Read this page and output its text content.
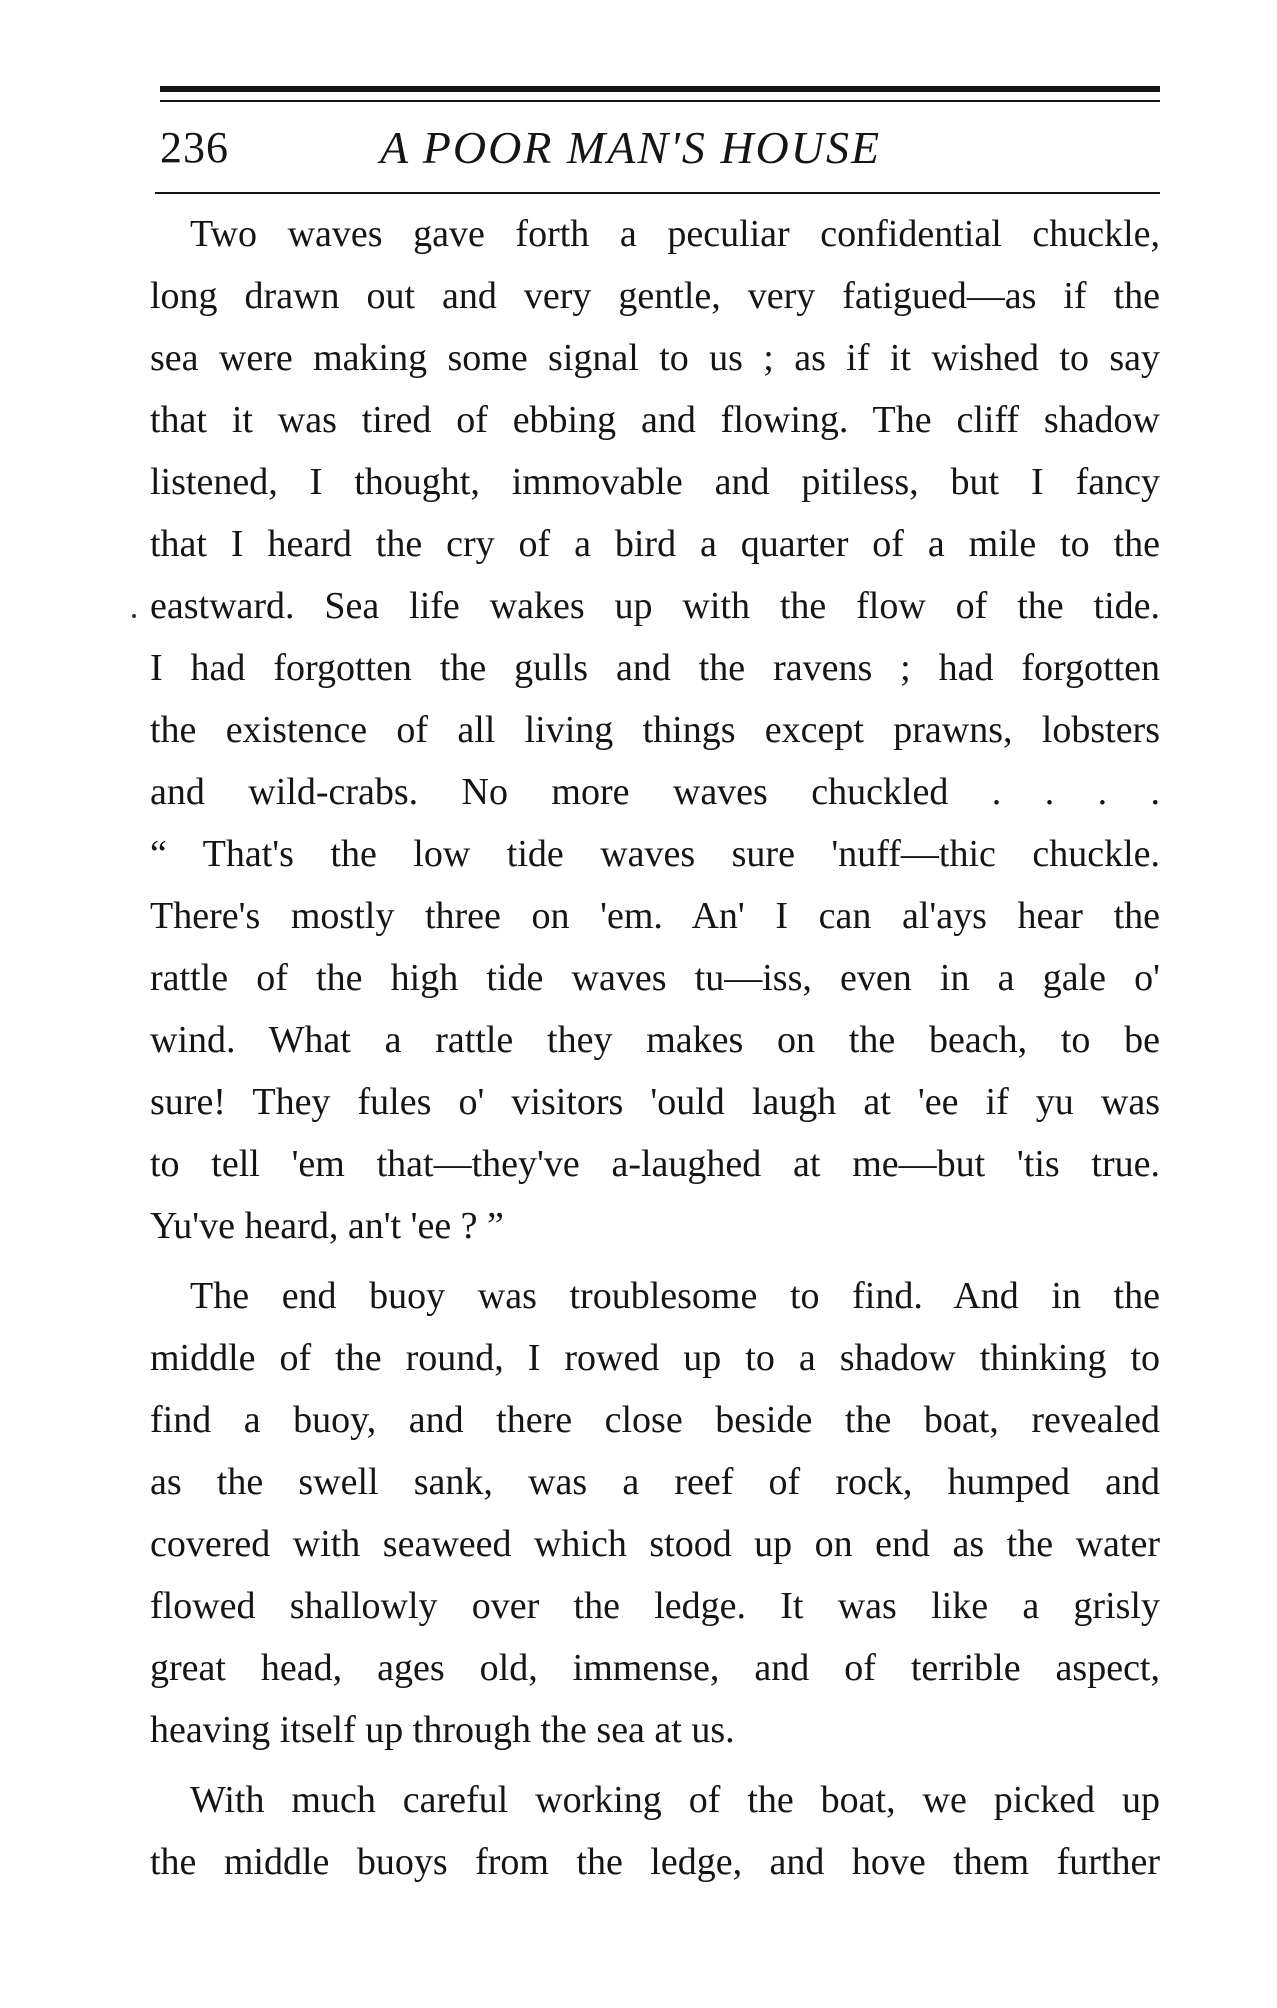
236	A POOR MAN'S HOUSE
Two waves gave forth a peculiar confidential chuckle,
long drawn out and very gentle, very fatigued—as if the
sea were making some signal to us ; as if it wished to say
that it was tired of ebbing and flowing. The cliff shadow
listened, I thought, immovable and pitiless, but I fancy
that I heard the cry of a bird a quarter of a mile to the
eastward. Sea life wakes up with the flow of the tide.
I had forgotten the gulls and the ravens ; had forgotten
the existence of all living things except prawns, lobsters
and wild-crabs. No more waves chuckled . . . .
“ That's the low tide waves sure 'nuff—thic chuckle.
There's mostly three on 'em. An' I can al'ays hear the
rattle of the high tide waves tu—iss, even in a gale o'
wind. What a rattle they makes on the beach, to be
sure! They fules o' visitors 'ould laugh at 'ee if yu was
to tell 'em that—they've a-laughed at me—but 'tis true.
Yu've heard, an't 'ee ? ”
The end buoy was troublesome to find. And in the
middle of the round, I rowed up to a shadow thinking to
find a buoy, and there close beside the boat, revealed
as the swell sank, was a reef of rock, humped and
covered with seaweed which stood up on end as the water
flowed shallowly over the ledge. It was like a grisly
great head, ages old, immense, and of terrible aspect,
heaving itself up through the sea at us.
With much careful working of the boat, we picked up
the middle buoys from the ledge, and hove them further
